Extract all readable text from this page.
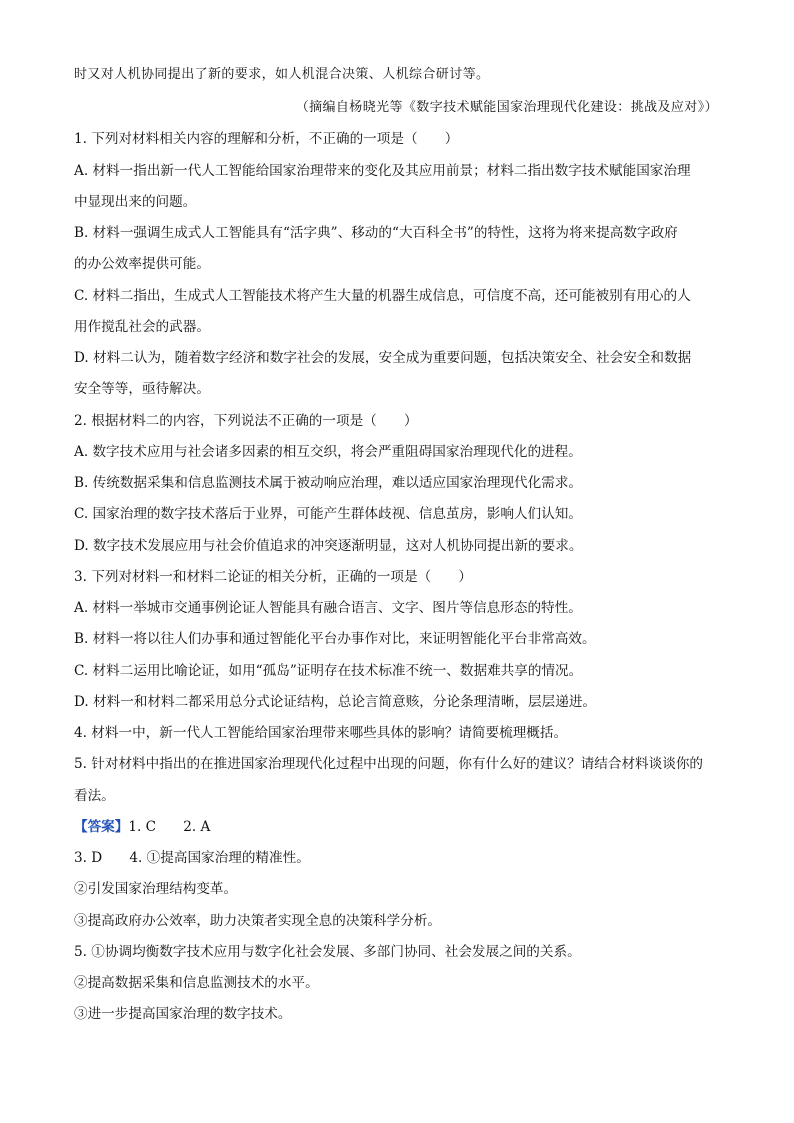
时又对人机协同提出了新的要求，如人机混合决策、人机综合研讨等。
（摘编自杨晓光等《数字技术赋能国家治理现代化建设：挑战及应对》）
1. 下列对材料相关内容的理解和分析，不正确的一项是（　　）
A. 材料一指出新一代人工智能给国家治理带来的变化及其应用前景；材料二指出数字技术赋能国家治理
中显现出来的问题。
B. 材料一强调生成式人工智能具有“活字典”、移动的“大百科全书”的特性，这将为将来提高数字政府
的办公效率提供可能。
C. 材料二指出，生成式人工智能技术将产生大量的机器生成信息，可信度不高，还可能被别有用心的人
用作搅乱社会的武器。
D. 材料二认为，随着数字经济和数字社会的发展，安全成为重要问题，包括决策安全、社会安全和数据
安全等等，亟待解决。
2. 根据材料二的内容，下列说法不正确的一项是（　　）
A. 数字技术应用与社会诸多因素的相互交织，将会严重阻碍国家治理现代化的进程。
B. 传统数据采集和信息监测技术属于被动响应治理，难以适应国家治理现代化需求。
C. 国家治理的数字技术落后于业界，可能产生群体歧视、信息茧房，影响人们认知。
D. 数字技术发展应用与社会价值追求的冲突逐渐明显，这对人机协同提出新的要求。
3. 下列对材料一和材料二论证的相关分析，正确的一项是（　　）
A. 材料一举城市交通事例论证人智能具有融合语言、文字、图片等信息形态的特性。
B. 材料一将以往人们办事和通过智能化平台办事作对比，来证明智能化平台非常高效。
C. 材料二运用比喻论证，如用“孤岛”证明存在技术标准不统一、数据难共享的情况。
D. 材料一和材料二都采用总分式论证结构，总论言简意赅，分论条理清晰，层层递进。
4. 材料一中，新一代人工智能给国家治理带来哪些具体的影响？请简要梳理概括。
5. 针对材料中指出的在推进国家治理现代化过程中出现的问题，你有什么好的建议？请结合材料谈谈你的
看法。
【答案】1. C　　2. A
3. D　　4. ①提高国家治理的精准性。
②引发国家治理结构变革。
③提高政府办公效率，助力决策者实现全息的决策科学分析。
5. ①协调均衡数字技术应用与数字化社会发展、多部门协同、社会发展之间的关系。
②提高数据采集和信息监测技术的水平。
③进一步提高国家治理的数字技术。
